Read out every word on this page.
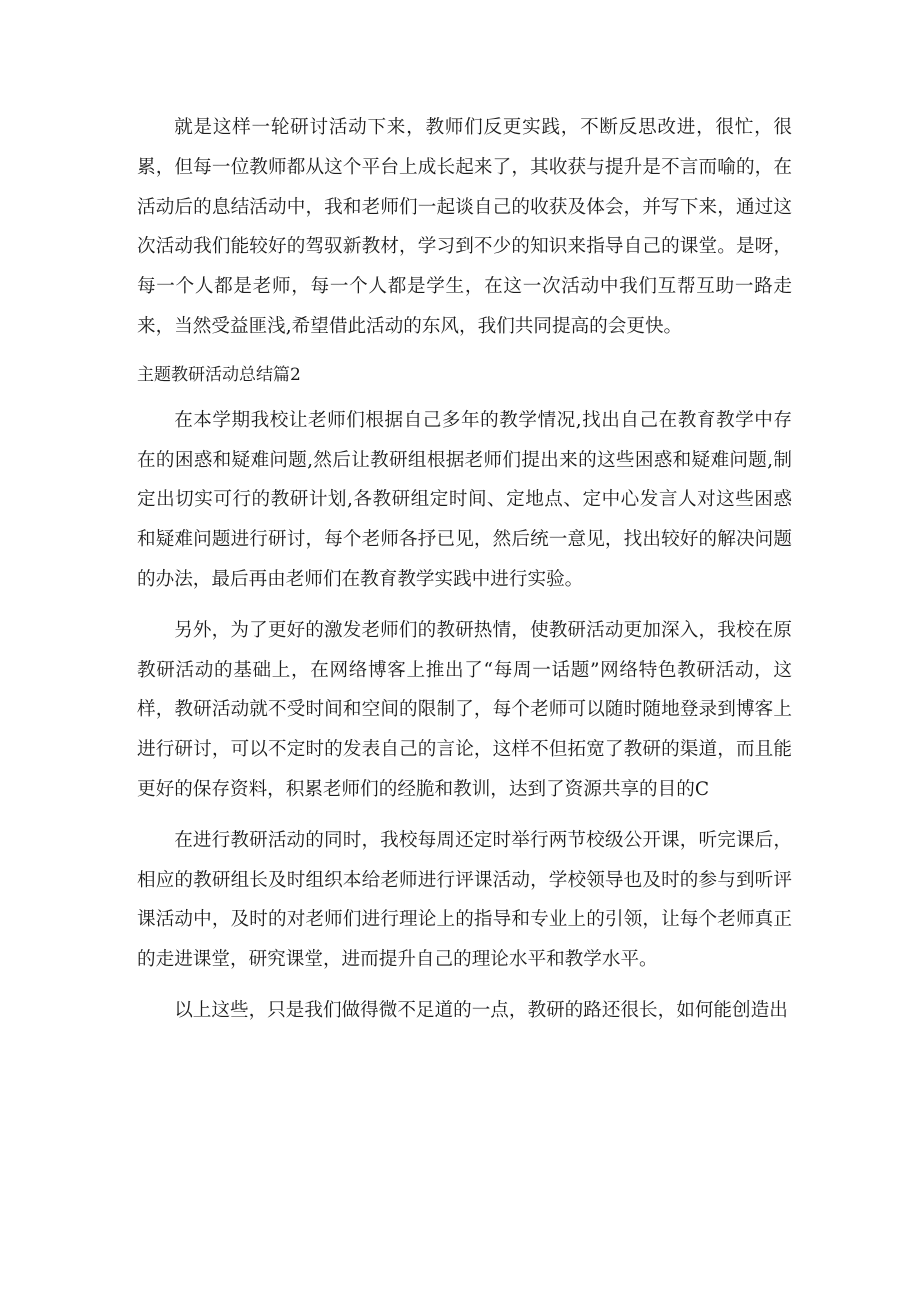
就是这样一轮研讨活动下来，教师们反更实践，不断反思改进，很忙，很累，但每一位教师都从这个平台上成长起来了，其收获与提升是不言而喻的，在活动后的息结活动中，我和老师们一起谈自己的收获及体会，并写下来，通过这次活动我们能较好的驾驭新教材，学习到不少的知识来指导自己的课堂。是呀，每一个人都是老师，每一个人都是学生，在这一次活动中我们互帮互助一路走来，当然受益匪浅,希望借此活动的东风，我们共同提高的会更快。

主题教研活动总结篇2

在本学期我校让老师们根据自己多年的教学情况,找出自己在教育教学中存在的困惑和疑难问题,然后让教研组根据老师们提出来的这些困惑和疑难问题,制定出切实可行的教研计划,各教研组定时间、定地点、定中心发言人对这些困惑和疑难问题进行研讨，每个老师各抒已见，然后统一意见，找出较好的解决问题的办法，最后再由老师们在教育教学实践中进行实验。

另外，为了更好的激发老师们的教研热情，使教研活动更加深入，我校在原教研活动的基础上，在网络博客上推出了“每周一话题”网络特色教研活动，这样，教研活动就不受时间和空间的限制了，每个老师可以随时随地登录到博客上进行研讨，可以不定时的发表自己的言论，这样不但拓宽了教研的渠道，而且能更好的保存资料，积累老师们的经脆和教训，达到了资源共享的目的C

在进行教研活动的同时，我校每周还定时举行两节校级公开课，听完课后，相应的教研组长及时组织本给老师进行评课活动，学校领导也及时的参与到听评课活动中，及时的对老师们进行理论上的指导和专业上的引领，让每个老师真正的走进课堂，研究课堂，进而提升自己的理论水平和教学水平。

以上这些，只是我们做得微不足道的一点，教研的路还很长，如何能创造出
